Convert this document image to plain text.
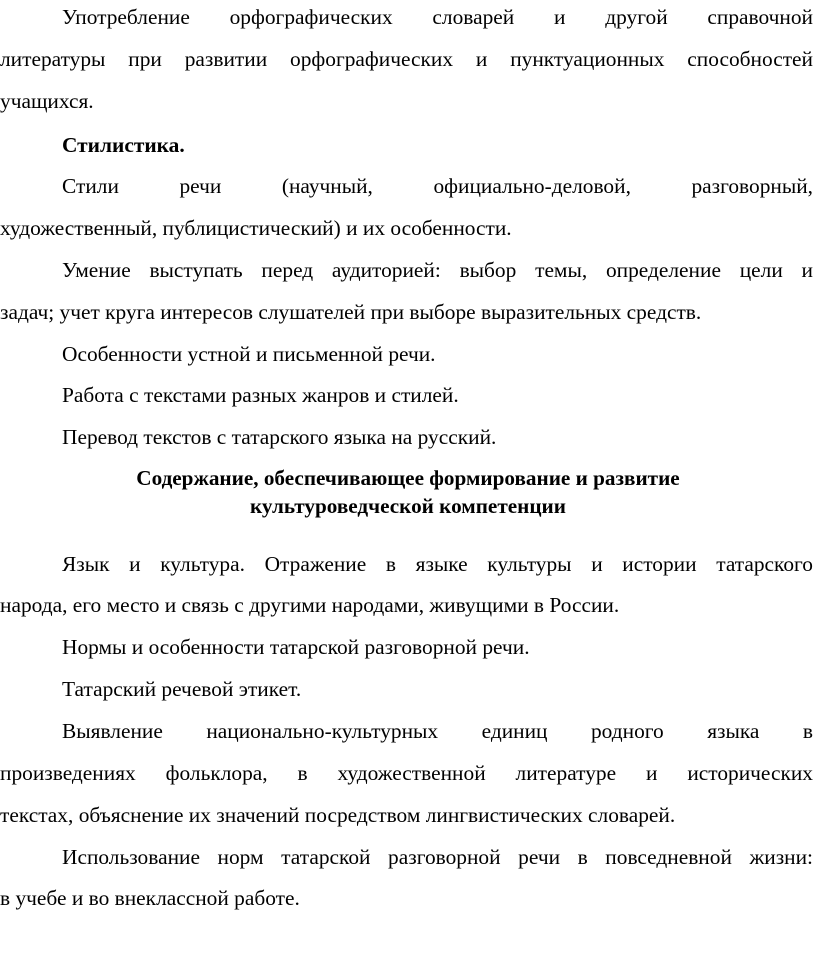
Употребление орфографических словарей и другой справочной
литературы при развитии орфографических и пунктуационных способностей
учащихся.
Стилистика.
Стили речи (научный, официально-деловой, разговорный,
художественный, публицистический) и их особенности.
Умение выступать перед аудиторией: выбор темы, определение цели и
задач; учет круга интересов слушателей при выборе выразительных средств.
Особенности устной и письменной речи.
Работа с текстами разных жанров и стилей.
Перевод текстов с татарского языка на русский.
Содержание, обеспечивающее формирование и развитие
культуроведческой компетенции
Язык и культура. Отражение в языке культуры и истории татарского
народа, его место и связь с другими народами, живущими в России.
Нормы и особенности татарской разговорной речи.
Татарский речевой этикет.
Выявление национально-культурных единиц родного языка в
произведениях фольклора, в художественной литературе и исторических
текстах, объяснение их значений посредством лингвистических словарей.
Использование норм татарской разговорной речи в повседневной жизни:
в учебе и во внеклассной работе.
